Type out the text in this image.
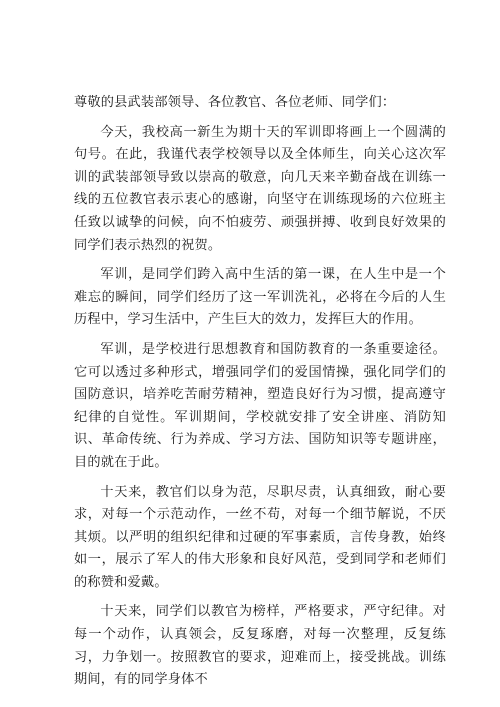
尊敬的县武装部领导、各位教官、各位老师、同学们：

今天，我校高一新生为期十天的军训即将画上一个圆满的句号。在此，我谨代表学校领导以及全体师生，向关心这次军训的武装部领导致以崇高的敬意，向几天来辛勤奋战在训练一线的五位教官表示衷心的感谢，向坚守在训练现场的六位班主任致以诚挚的问候，向不怕疲劳、顽强拼搏、收到良好效果的同学们表示热烈的祝贺。

军训，是同学们跨入高中生活的第一课，在人生中是一个难忘的瞬间，同学们经历了这一军训洗礼，必将在今后的人生历程中，学习生活中，产生巨大的效力，发挥巨大的作用。

军训，是学校进行思想教育和国防教育的一条重要途径。它可以透过多种形式，增强同学们的爱国情操，强化同学们的国防意识，培养吃苦耐劳精神，塑造良好行为习惯，提高遵守纪律的自觉性。军训期间，学校就安排了安全讲座、消防知识、革命传统、行为养成、学习方法、国防知识等专题讲座，目的就在于此。

十天来，教官们以身为范，尽职尽责，认真细致，耐心要求，对每一个示范动作，一丝不苟，对每一个细节解说，不厌其烦。以严明的组织纪律和过硬的军事素质，言传身教，始终如一，展示了军人的伟大形象和良好风范，受到同学和老师们的称赞和爱戴。

十天来，同学们以教官为榜样，严格要求，严守纪律。对每一个动作，认真领会，反复琢磨，对每一次整理，反复练习，力争划一。按照教官的要求，迎难而上，接受挑战。训练期间，有的同学身体不
